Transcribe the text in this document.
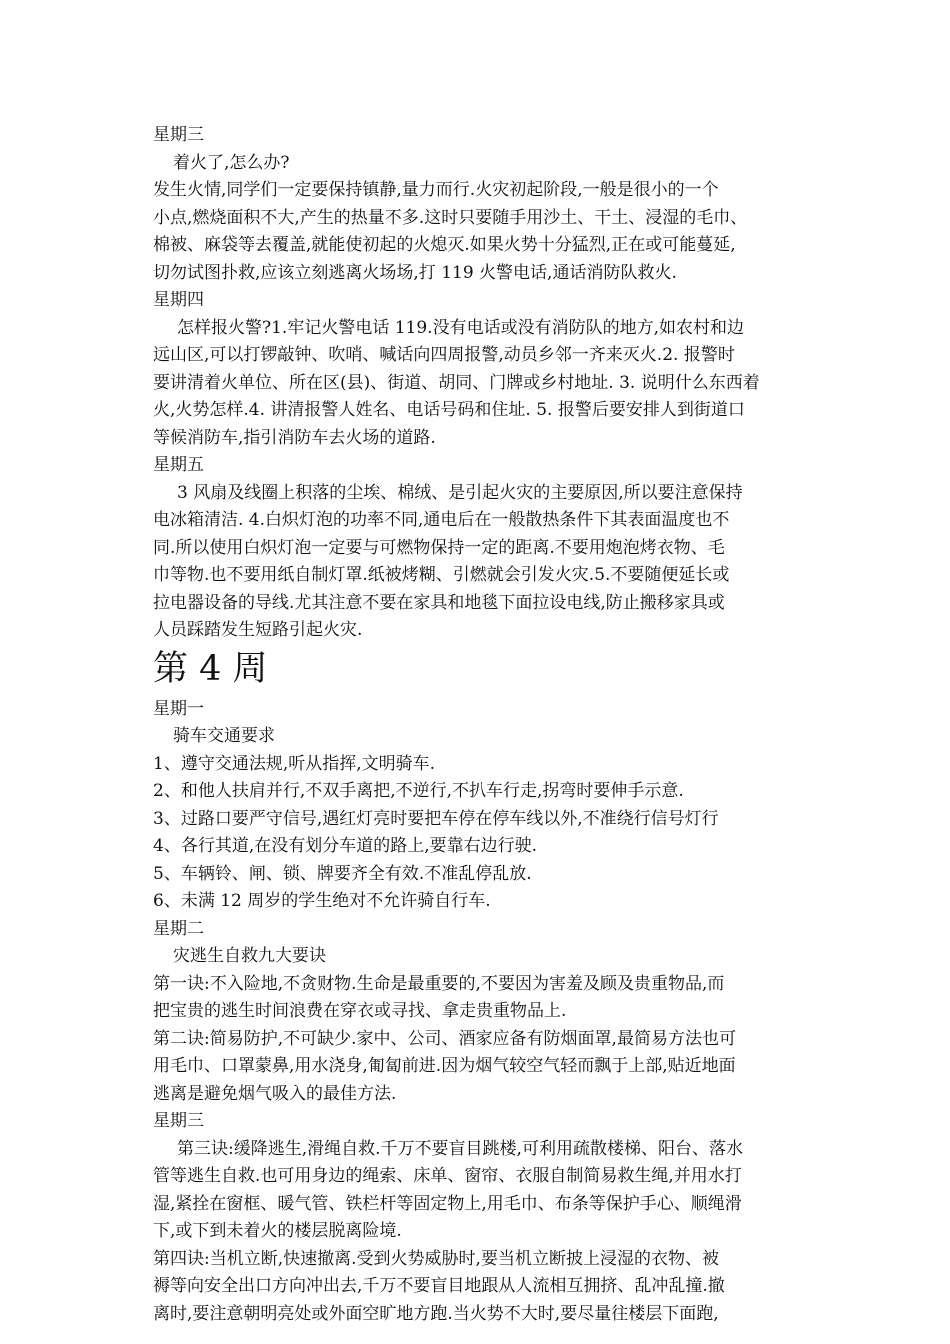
星期三
着火了,怎么办?
发生火情,同学们一定要保持镇静,量力而行.火灾初起阶段,一般是很小的一个
小点,燃烧面积不大,产生的热量不多.这时只要随手用沙土、干土、浸湿的毛巾、
棉被、麻袋等去覆盖,就能使初起的火熄灭.如果火势十分猛烈,正在或可能蔓延,
切勿试图扑救,应该立刻逃离火场场,打 119 火警电话,通话消防队救火.
星期四
怎样报火警?1.牢记火警电话 119.没有电话或没有消防队的地方,如农村和边
远山区,可以打锣敲钟、吹哨、喊话向四周报警,动员乡邻一齐来灭火.2. 报警时
要讲清着火单位、所在区(县)、街道、胡同、门牌或乡村地址. 3. 说明什么东西着
火,火势怎样.4. 讲清报警人姓名、电话号码和住址. 5. 报警后要安排人到街道口
等候消防车,指引消防车去火场的道路.
星期五
3 风扇及线圈上积落的尘埃、棉绒、是引起火灾的主要原因,所以要注意保持
电冰箱清洁. 4.白炽灯泡的功率不同,通电后在一般散热条件下其表面温度也不
同.所以使用白炽灯泡一定要与可燃物保持一定的距离.不要用炮泡烤衣物、毛
巾等物.也不要用纸自制灯罩.纸被烤糊、引燃就会引发火灾.5.不要随便延长或
拉电器设备的导线.尤其注意不要在家具和地毯下面拉设电线,防止搬移家具或
人员踩踏发生短路引起火灾.
第 4 周
星期一
骑车交通要求
1、遵守交通法规,听从指挥,文明骑车.
2、和他人扶肩并行,不双手离把,不逆行,不扒车行走,拐弯时要伸手示意.
3、过路口要严守信号,遇红灯亮时要把车停在停车线以外,不准绕行信号灯行
4、各行其道,在没有划分车道的路上,要靠右边行驶.
5、车辆铃、闸、锁、牌要齐全有效.不准乱停乱放.
6、未满 12 周岁的学生绝对不允许骑自行车.
星期二
灾逃生自救九大要诀
第一诀:不入险地,不贪财物.生命是最重要的,不要因为害羞及顾及贵重物品,而
把宝贵的逃生时间浪费在穿衣或寻找、拿走贵重物品上.
第二诀:简易防护,不可缺少.家中、公司、酒家应备有防烟面罩,最简易方法也可
用毛巾、口罩蒙鼻,用水浇身,匍匐前进.因为烟气较空气轻而飘于上部,贴近地面
逃离是避免烟气吸入的最佳方法.
星期三
第三诀:缓降逃生,滑绳自救.千万不要盲目跳楼,可利用疏散楼梯、阳台、落水
管等逃生自救.也可用身边的绳索、床单、窗帘、衣服自制简易救生绳,并用水打
湿,紧拴在窗框、暖气管、铁栏杆等固定物上,用毛巾、布条等保护手心、顺绳滑
下,或下到未着火的楼层脱离险境.
第四诀:当机立断,快速撤离.受到火势威胁时,要当机立断披上浸湿的衣物、被
褥等向安全出口方向冲出去,千万不要盲目地跟从人流相互拥挤、乱冲乱撞.撤
离时,要注意朝明亮处或外面空旷地方跑.当火势不大时,要尽量往楼层下面跑,
